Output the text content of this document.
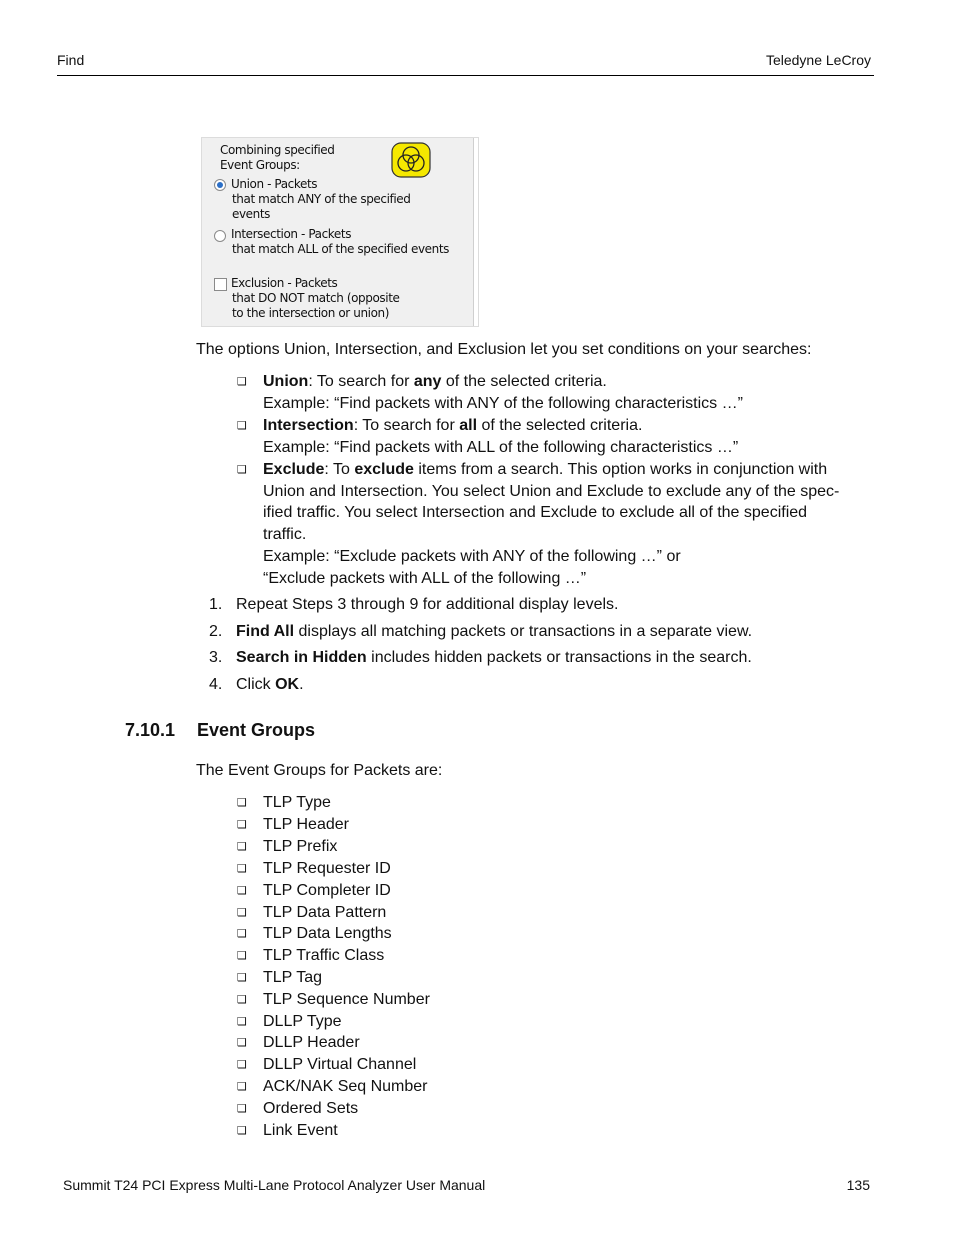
Find	Teledyne LeCroy
Combining specified
Event Groups:
Union - Packets
that match ANY of the specified
events
Intersection - Packets
that match ALL of the specified events
Exclusion - Packets
that DO NOT match (opposite
to the intersection or union)
The options Union, Intersection, and Exclusion let you set conditions on your searches:
❑ Union: To search for any of the selected criteria.
Example: “Find packets with ANY of the following characteristics …”
❑ Intersection: To search for all of the selected criteria.
Example: “Find packets with ALL of the following characteristics …”
❑ Exclude: To exclude items from a search. This option works in conjunction with
Union and Intersection. You select Union and Exclude to exclude any of the spec-
ified traffic. You select Intersection and Exclude to exclude all of the specified
traffic.
Example: “Exclude packets with ANY of the following …” or
“Exclude packets with ALL of the following …”
1. Repeat Steps 3 through 9 for additional display levels.
2. Find All displays all matching packets or transactions in a separate view.
3. Search in Hidden includes hidden packets or transactions in the search.
4. Click OK.
7.10.1 Event Groups
The Event Groups for Packets are:
❑ TLP Type
❑ TLP Header
❑ TLP Prefix
❑ TLP Requester ID
❑ TLP Completer ID
❑ TLP Data Pattern
❑ TLP Data Lengths
❑ TLP Traffic Class
❑ TLP Tag
❑ TLP Sequence Number
❑ DLLP Type
❑ DLLP Header
❑ DLLP Virtual Channel
❑ ACK/NAK Seq Number
❑ Ordered Sets
❑ Link Event
Summit T24 PCI Express Multi-Lane Protocol Analyzer User Manual	135
